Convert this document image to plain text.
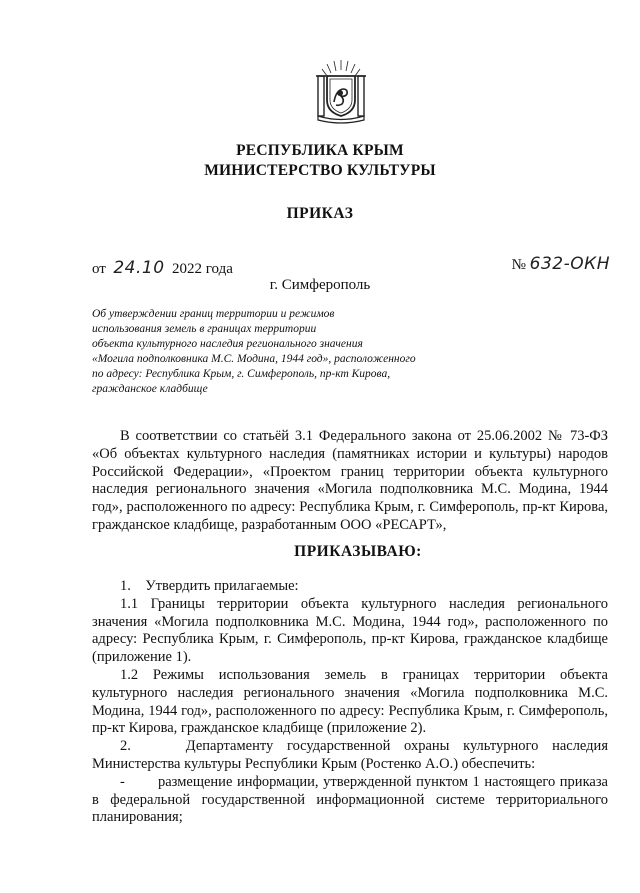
РЕСПУБЛИКА КРЫМ
МИНИСТЕРСТВО КУЛЬТУРЫ
ПРИКАЗ
от 24.10 2022 года	№ 632-ОКН
г. Симферополь
Об утверждении границ территории и режимов
использования земель в границах территории
объекта культурного наследия регионального значения
«Могила подполковника М.С. Модина, 1944 год», расположенного
по адресу: Республика Крым, г. Симферополь, пр-кт Кирова,
гражданское кладбище
В соответствии со статьёй 3.1 Федерального закона от 25.06.2002 № 73-ФЗ «Об объектах культурного наследия (памятниках истории и культуры) народов Российской Федерации», «Проектом границ территории объекта культурного наследия регионального значения «Могила подполковника М.С. Модина, 1944 год», расположенного по адресу: Республика Крым, г. Симферополь, пр-кт Кирова, гражданское кладбище, разработанным ООО «РЕСАРТ»,
ПРИКАЗЫВАЮ:

1.    Утвердить прилагаемые:

1.1 Границы территории объекта культурного наследия регионального значения «Могила подполковника М.С. Модина, 1944 год», расположенного по адресу: Республика Крым, г. Симферополь, пр-кт Кирова, гражданское кладбище (приложение 1).

1.2 Режимы использования земель в границах территории объекта культурного наследия регионального значения «Могила подполковника М.С. Модина, 1944 год», расположенного по адресу: Республика Крым, г. Симферополь, пр-кт Кирова, гражданское кладбище (приложение 2).

2.    Департаменту государственной охраны культурного наследия Министерства культуры Республики Крым (Ростенко А.О.) обеспечить:

- размещение информации, утвержденной пунктом 1 настоящего приказа в федеральной государственной информационной системе территориального планирования;
